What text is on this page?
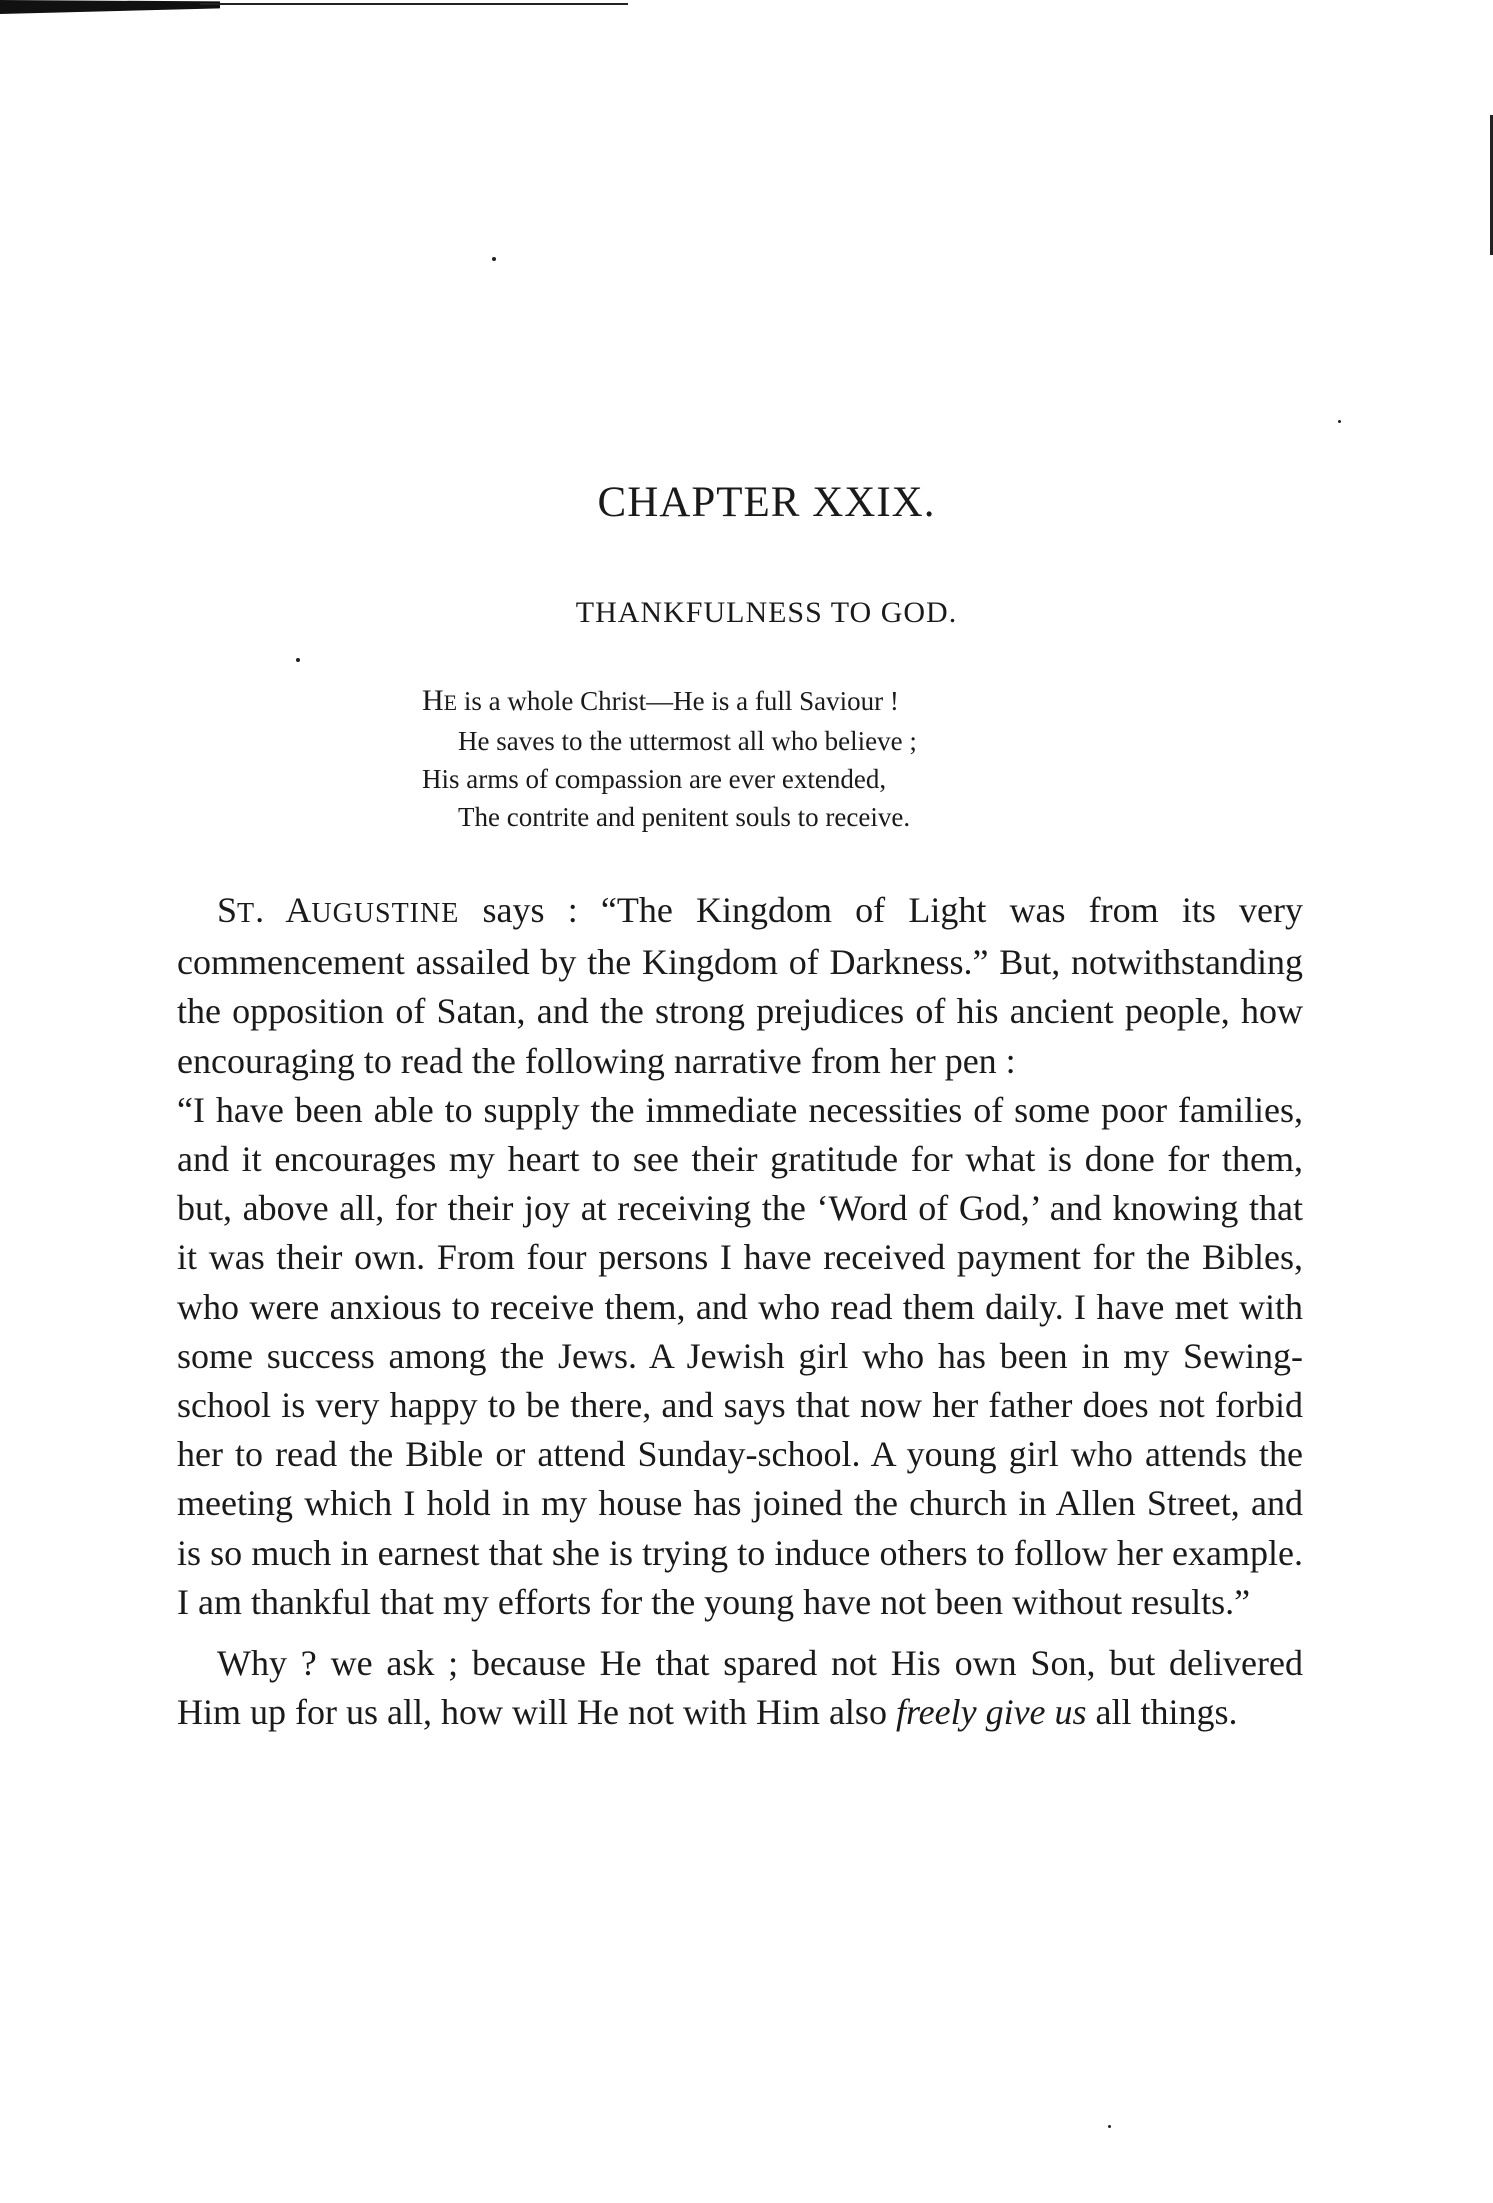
CHAPTER XXIX.
THANKFULNESS TO GOD.
HE is a whole Christ—He is a full Saviour !
He saves to the uttermost all who believe ;
His arms of compassion are ever extended,
The contrite and penitent souls to receive.

ST. AUGUSTINE says : “The Kingdom of Light was from its very commencement assailed by the Kingdom of Darkness.” But, notwithstanding the opposition of Satan, and the strong prejudices of his ancient people, how encouraging to read the following narrative from her pen :

“I have been able to supply the immediate necessities of some poor families, and it encourages my heart to see their gratitude for what is done for them, but, above all, for their joy at receiving the ‘Word of God,’ and knowing that it was their own. From four persons I have received payment for the Bibles, who were anxious to receive them, and who read them daily. I have met with some success among the Jews. A Jewish girl who has been in my Sewing-school is very happy to be there, and says that now her father does not forbid her to read the Bible or attend Sunday-school. A young girl who attends the meeting which I hold in my house has joined the church in Allen Street, and is so much in earnest that she is trying to induce others to follow her example. I am thankful that my efforts for the young have not been without results.”

Why ? we ask ; because He that spared not His own Son, but delivered Him up for us all, how will He not with Him also freely give us all things.
